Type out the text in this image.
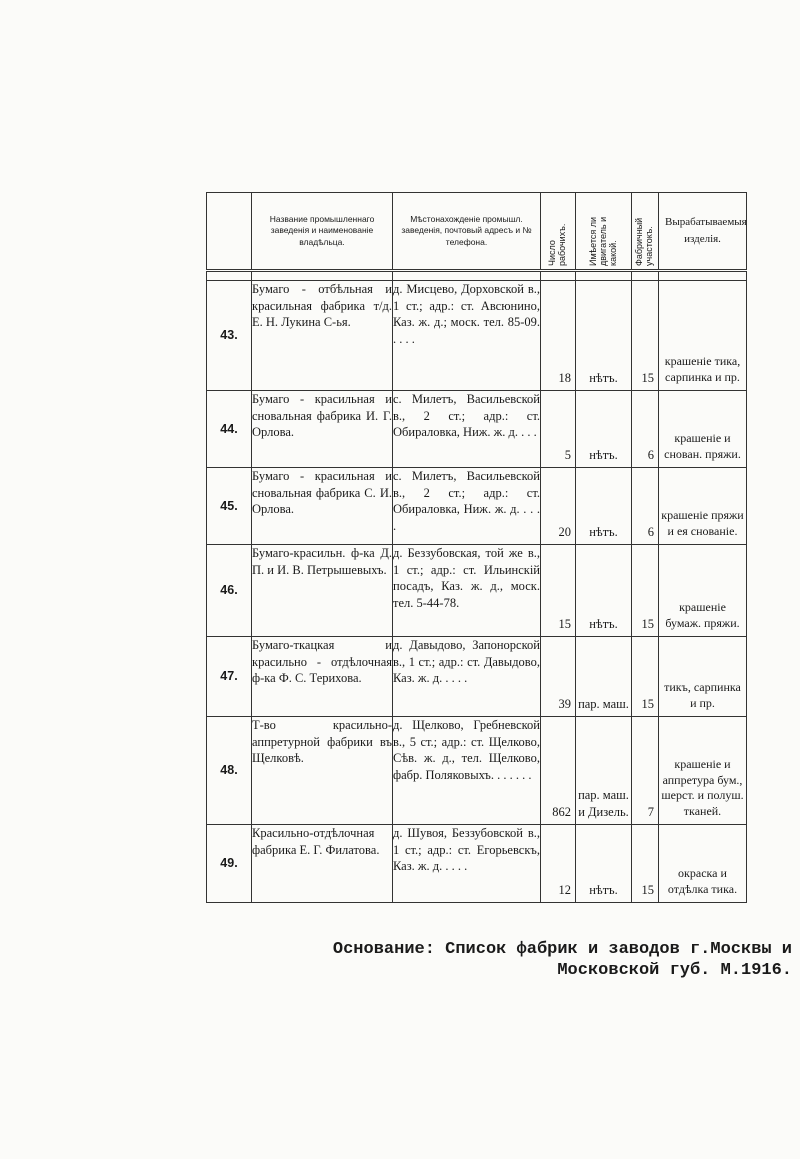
	Название промышленнаго заведенія и наименованіе владѣльца.	Мѣстонахожденіе промышл. заведенія, почтовый адресъ и № телефона.	Число рабочихъ.	Имѣется ли двигатель и какой.	Фабричный участокъ.	Вырабатываемыя изделія.

43.	Бумаго - отбѣльная и красильная фабрика т/д. Е. Н. Лукина С-ья.	д. Мисцево, Дорховской в., 1 ст.; адр.: ст. Авсюнино, Каз. ж. д.; моск. тел. 85-09. . . . .	18	нѣтъ.	15	крашеніе тика, сарпинка и пр.
44.	Бумаго - красильная и сновальная фабрика И. Г. Орлова.	с. Милетъ, Васильевской в., 2 ст.; адр.: ст. Обираловка, Ниж. ж. д. . . .	5	нѣтъ.	6	крашеніе и снован. пряжи.
45.	Бумаго - красильная и сновальная фабрика С. И. Орлова.	с. Милетъ, Васильевской в., 2 ст.; адр.: ст. Обираловка, Ниж. ж. д. . . . .	20	нѣтъ.	6	крашеніе пряжи и ея снованіе.
46.	Бумаго-красильн. ф-ка Д. П. и И. В. Петрышевыхъ.	д. Беззубовская, той же в., 1 ст.; адр.: ст. Ильинскій посадъ, Каз. ж. д., моск. тел. 5-44-78.	15	нѣтъ.	15	крашеніе бумаж. пряжи.
47.	Бумаго-ткацкая и красильно - отдѣлочная ф-ка Ф. С. Терихова.	д. Давыдово, Запонорской в., 1 ст.; адр.: ст. Давыдово, Каз. ж. д. . . . .	39	пар. маш.	15	тикъ, сарпинка и пр.
48.	Т-во красильно-аппретурной фабрики въ Щелковѣ.	д. Щелково, Гребневской в., 5 ст.; адр.: ст. Щелково, Сѣв. ж. д., тел. Щелково, фабр. Поляковыхъ. . . . . . .	862	пар. маш. и Дизель.	7	крашеніе и аппретура бум., шерст. и полуш. тканей.
49.	Красильно-отдѣлочная фабрика Е. Г. Филатова.	д. Шувоя, Беззубовской в., 1 ст.; адр.: ст. Егорьевскъ, Каз. ж. д. . . . .	12	нѣтъ.	15	окраска и отдѣлка тика.
Основание: Список фабрик и заводов г.Москвы и Московской губ. М.1916.
